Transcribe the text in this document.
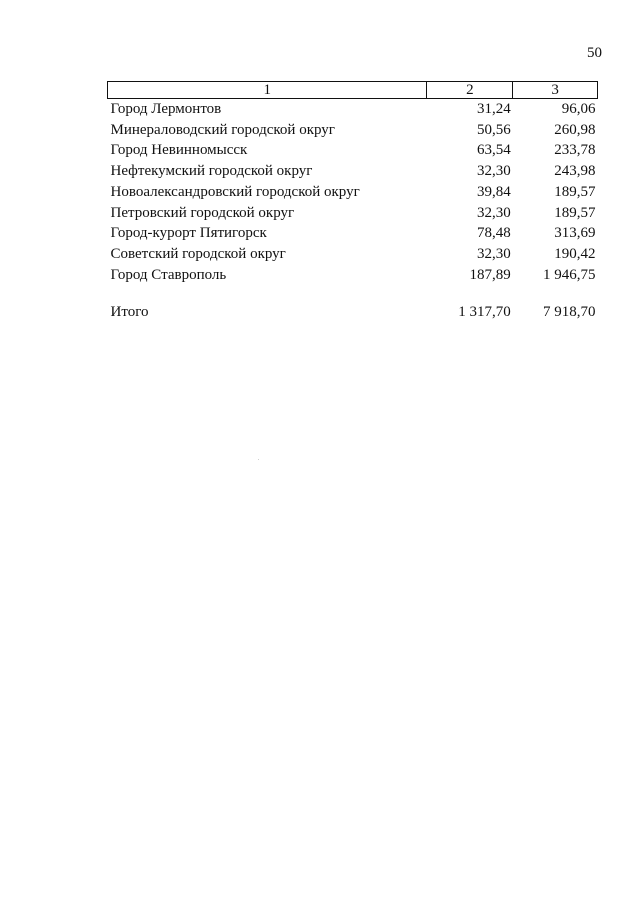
50
1	2	3
Город Лермонтов	31,24	96,06
Минераловодский городской округ	50,56	260,98
Город Невинномысск	63,54	233,78
Нефтекумский городской округ	32,30	243,98
Новоалександровский городской округ	39,84	189,57
Петровский городской округ	32,30	189,57
Город-курорт Пятигорск	78,48	313,69
Советский городской округ	32,30	190,42
Город Ставрополь	187,89	1 946,75

Итого	1 317,70	7 918,70
